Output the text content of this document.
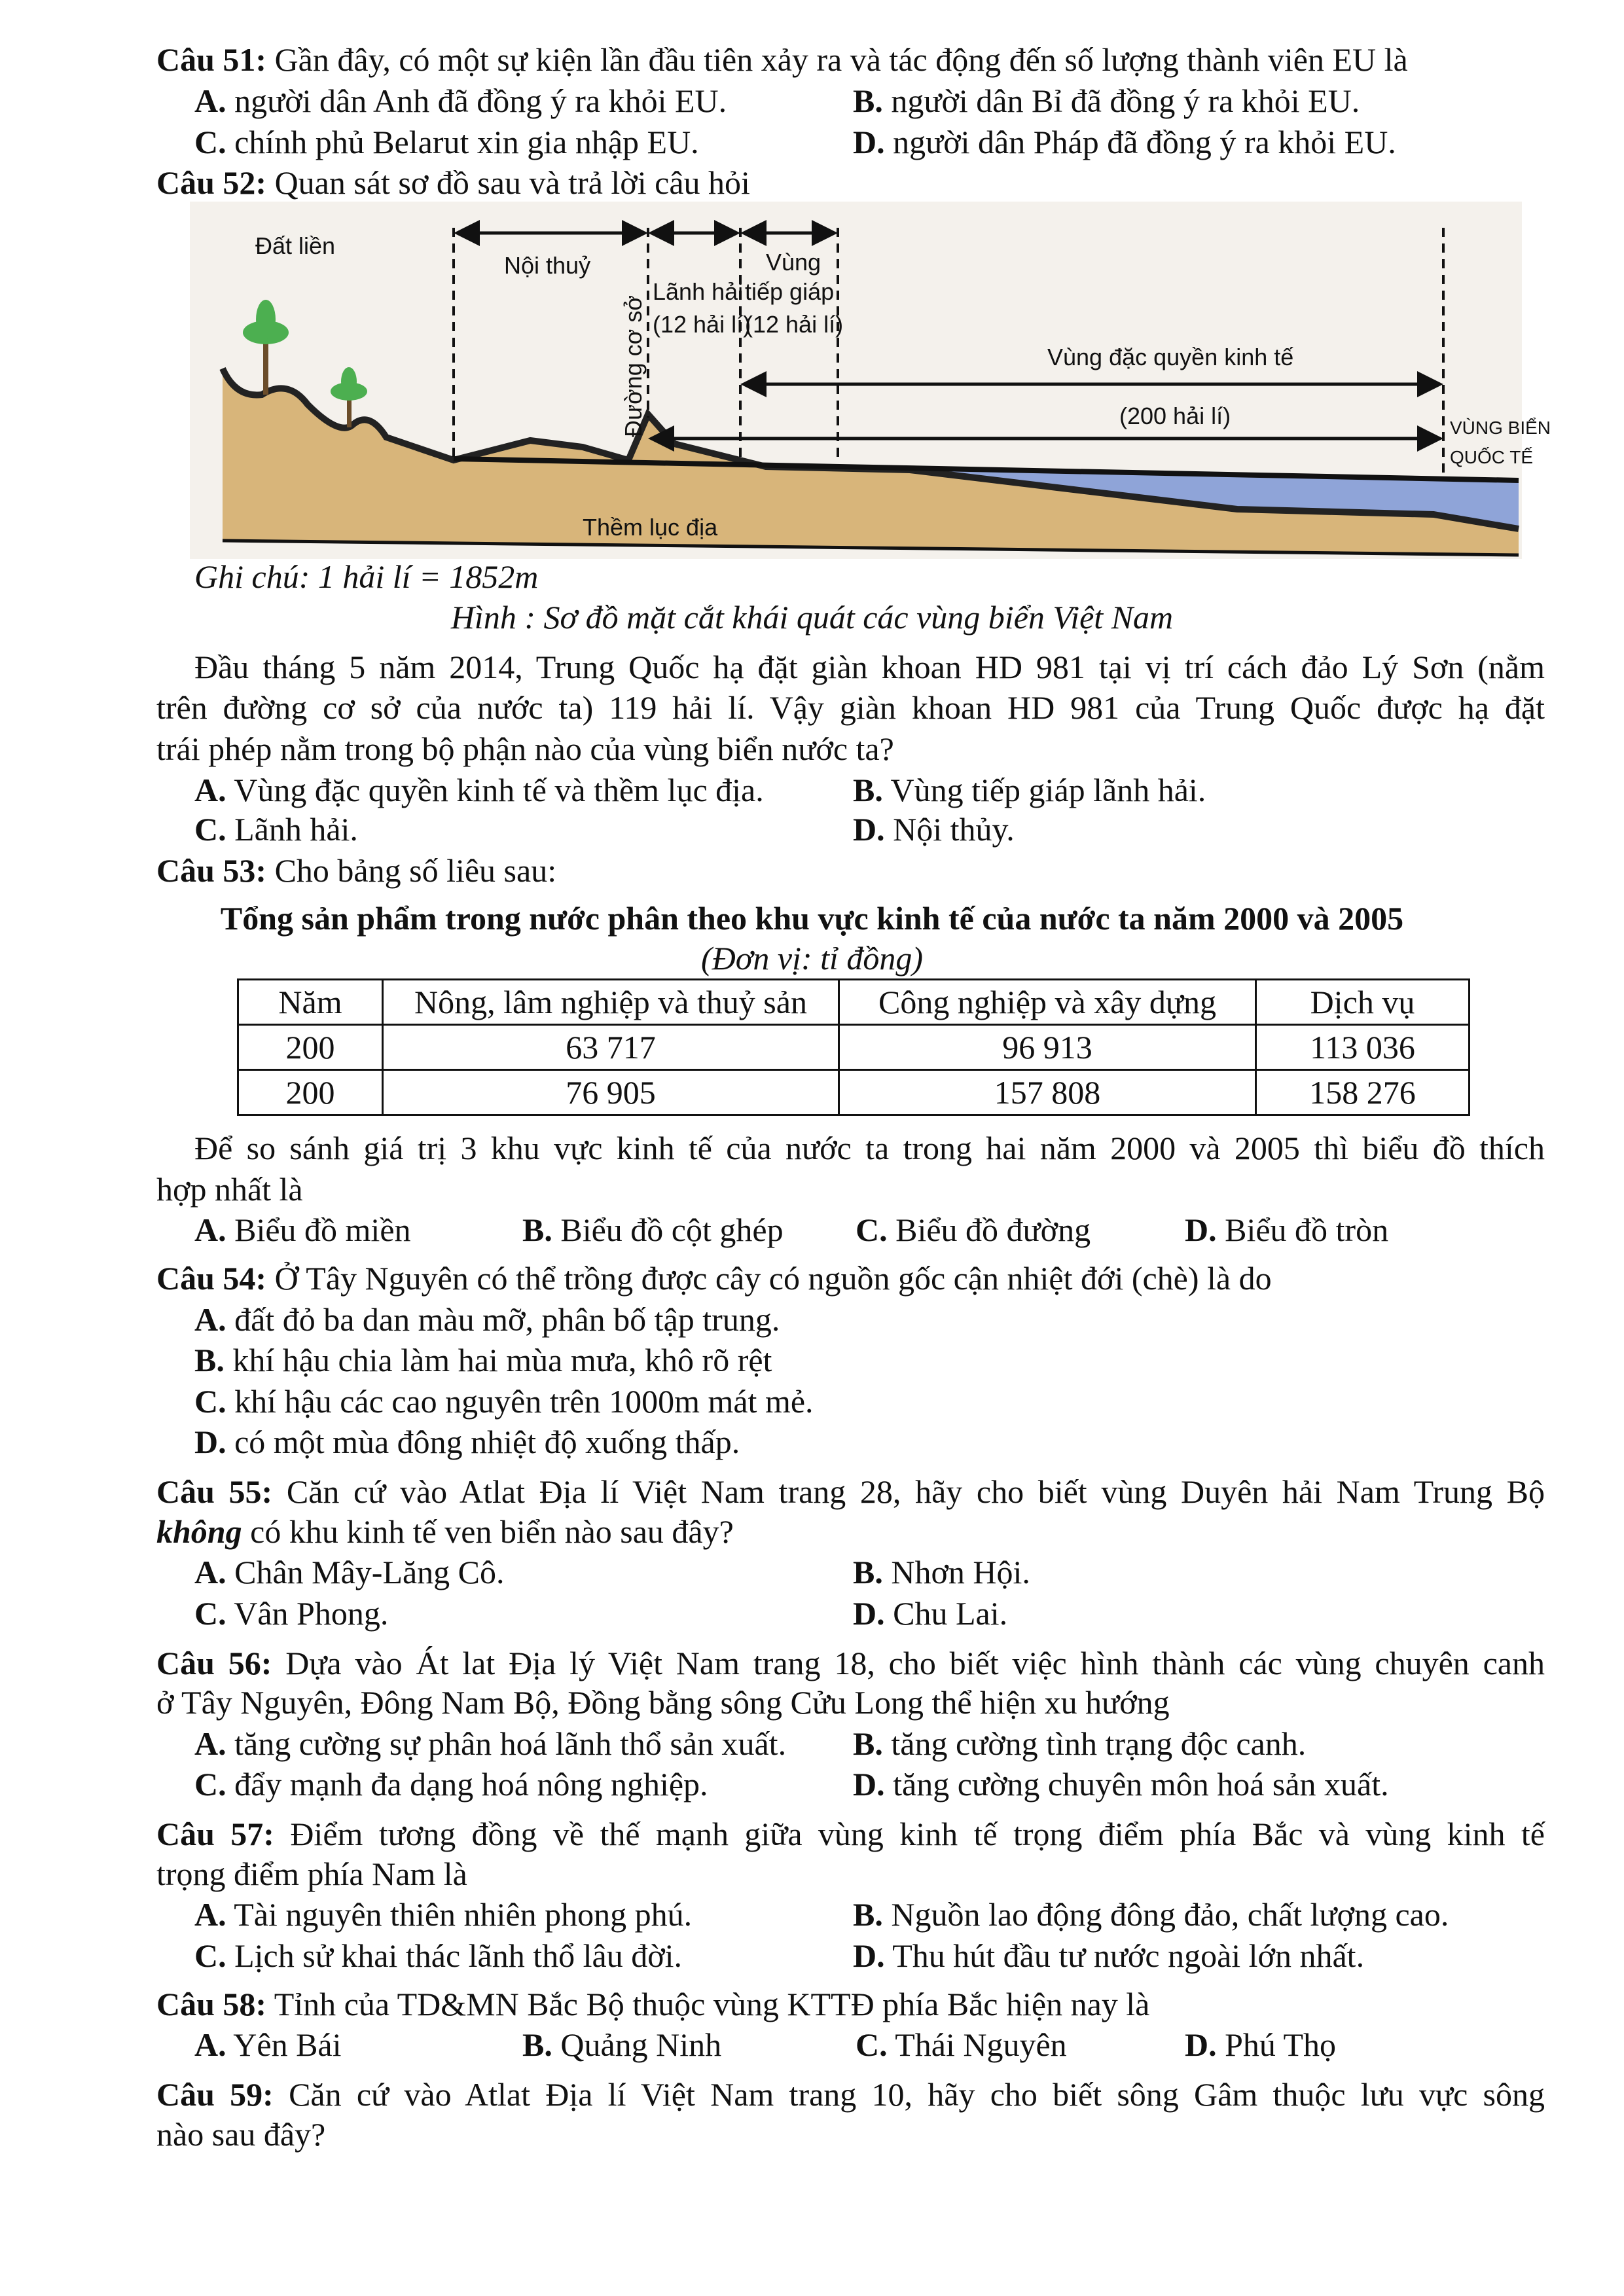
Câu 51: Gần đây, có một sự kiện lần đầu tiên xảy ra và tác động đến số lượng thành viên EU là
A. người dân Anh đã đồng ý ra khỏi EU.	B. người dân Bỉ đã đồng ý ra khỏi EU.
C. chính phủ Belarut xin gia nhập EU.	D. người dân Pháp đã đồng ý ra khỏi EU.
Câu 52: Quan sát sơ đồ sau và trả lời câu hỏi
Đất liền
Nội thuỷ
Lãnh hải
(12 hải lí)
Vùng
tiếp giáp
(12 hải lí)
Đường cơ sở	Vùng đặc quyền kinh tế
(200 hải lí)	VÙNG BIỂN
QUỐC TẾ
Thềm lục địa
Ghi chú: 1 hải lí = 1852m
Hình : Sơ đồ mặt cắt khái quát các vùng biển Việt Nam
Đầu tháng 5 năm 2014, Trung Quốc hạ đặt giàn khoan HD 981 tại vị trí cách đảo Lý Sơn (nằm
trên đường cơ sở của nước ta) 119 hải lí. Vậy giàn khoan HD 981 của Trung Quốc được hạ đặt
trái phép nằm trong bộ phận nào của vùng biển nước ta?
A. Vùng đặc quyền kinh tế và thềm lục địa.	B. Vùng tiếp giáp lãnh hải.
C. Lãnh hải.	D. Nội thủy.
Câu 53: Cho bảng số liêu sau:
Tổng sản phẩm trong nước phân theo khu vực kinh tế của nước ta năm 2000 và 2005
(Đơn vị: tỉ đồng)
Năm	Nông, lâm nghiệp và thuỷ sản	Công nghiệp và xây dựng	Dịch vụ
200	63 717	96 913	113 036
200	76 905	157 808	158 276
Để so sánh giá trị 3 khu vực kinh tế của nước ta trong hai năm 2000 và 2005 thì biểu đồ thích
hợp nhất là
A. Biểu đồ miền	B. Biểu đồ cột ghép C. Biểu đồ đường	D. Biểu đồ tròn
Câu 54: Ở Tây Nguyên có thể trồng được cây có nguồn gốc cận nhiệt đới (chè) là do
A. đất đỏ ba dan màu mỡ, phân bố tập trung.
B. khí hậu chia làm hai mùa mưa, khô rõ rệt
C. khí hậu các cao nguyên trên 1000m mát mẻ.
D. có một mùa đông nhiệt độ xuống thấp.
Câu 55: Căn cứ vào Atlat Địa lí Việt Nam trang 28, hãy cho biết vùng Duyên hải Nam Trung Bộ
không có khu kinh tế ven biển nào sau đây?
A. Chân Mây-Lăng Cô.	B. Nhơn Hội.
C. Vân Phong.	D. Chu Lai.
Câu 56: Dựa vào Át lat Địa lý Việt Nam trang 18, cho biết việc hình thành các vùng chuyên canh
ở Tây Nguyên, Đông Nam Bộ, Đồng bằng sông Cửu Long thể hiện xu hướng
A. tăng cường sự phân hoá lãnh thổ sản xuất. B. tăng cường tình trạng độc canh.
C. đẩy mạnh đa dạng hoá nông nghiệp.	D. tăng cường chuyên môn hoá sản xuất.
Câu 57: Điểm tương đồng về thế mạnh giữa vùng kinh tế trọng điểm phía Bắc và vùng kinh tế
trọng điểm phía Nam là
A. Tài nguyên thiên nhiên phong phú.	B. Nguồn lao động đông đảo, chất lượng cao.
C. Lịch sử khai thác lãnh thổ lâu đời.	D. Thu hút đầu tư nước ngoài lớn nhất.
Câu 58: Tỉnh của TD&MN Bắc Bộ thuộc vùng KTTĐ phía Bắc hiện nay là
A. Yên Bái	B. Quảng Ninh	C. Thái Nguyên	D. Phú Thọ
Câu 59: Căn cứ vào Atlat Địa lí Việt Nam trang 10, hãy cho biết sông Gâm thuộc lưu vực sông
nào sau đây?
